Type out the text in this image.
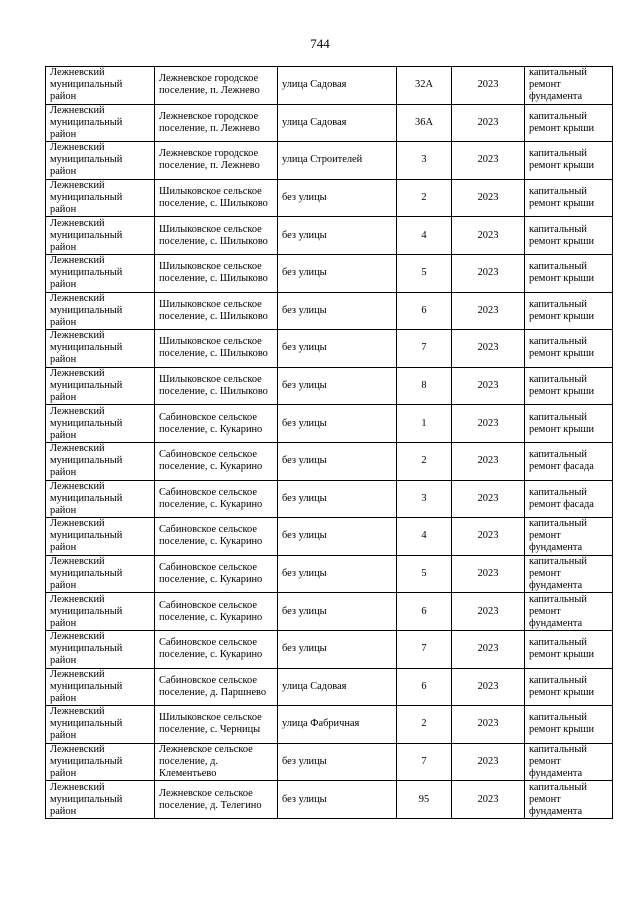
744
Лежневский муниципальный район	Лежневское городское поселение, п. Лежнево	улица Садовая	32А	2023	капитальный ремонт фундамента
Лежневский муниципальный район	Лежневское городское поселение, п. Лежнево	улица Садовая	36А	2023	капитальный ремонт крыши
Лежневский муниципальный район	Лежневское городское поселение, п. Лежнево	улица Строителей	3	2023	капитальный ремонт крыши
Лежневский муниципальный район	Шилыковское сельское поселение, с. Шилыково	без улицы	2	2023	капитальный ремонт крыши
Лежневский муниципальный район	Шилыковское сельское поселение, с. Шилыково	без улицы	4	2023	капитальный ремонт крыши
Лежневский муниципальный район	Шилыковское сельское поселение, с. Шилыково	без улицы	5	2023	капитальный ремонт крыши
Лежневский муниципальный район	Шилыковское сельское поселение, с. Шилыково	без улицы	6	2023	капитальный ремонт крыши
Лежневский муниципальный район	Шилыковское сельское поселение, с. Шилыково	без улицы	7	2023	капитальный ремонт крыши
Лежневский муниципальный район	Шилыковское сельское поселение, с. Шилыково	без улицы	8	2023	капитальный ремонт крыши
Лежневский муниципальный район	Сабиновское сельское поселение, с. Кукарино	без улицы	1	2023	капитальный ремонт крыши
Лежневский муниципальный район	Сабиновское сельское поселение, с. Кукарино	без улицы	2	2023	капитальный ремонт фасада
Лежневский муниципальный район	Сабиновское сельское поселение, с. Кукарино	без улицы	3	2023	капитальный ремонт фасада
Лежневский муниципальный район	Сабиновское сельское поселение, с. Кукарино	без улицы	4	2023	капитальный ремонт фундамента
Лежневский муниципальный район	Сабиновское сельское поселение, с. Кукарино	без улицы	5	2023	капитальный ремонт фундамента
Лежневский муниципальный район	Сабиновское сельское поселение, с. Кукарино	без улицы	6	2023	капитальный ремонт фундамента
Лежневский муниципальный район	Сабиновское сельское поселение, с. Кукарино	без улицы	7	2023	капитальный ремонт крыши
Лежневский муниципальный район	Сабиновское сельское поселение, д. Паршнево	улица Садовая	6	2023	капитальный ремонт крыши
Лежневский муниципальный район	Шилыковское сельское поселение, с. Черницы	улица Фабричная	2	2023	капитальный ремонт крыши
Лежневский муниципальный район	Лежневское сельское поселение, д. Клементьево	без улицы	7	2023	капитальный ремонт фундамента
Лежневский муниципальный район	Лежневское сельское поселение, д. Телегино	без улицы	95	2023	капитальный ремонт фундамента
